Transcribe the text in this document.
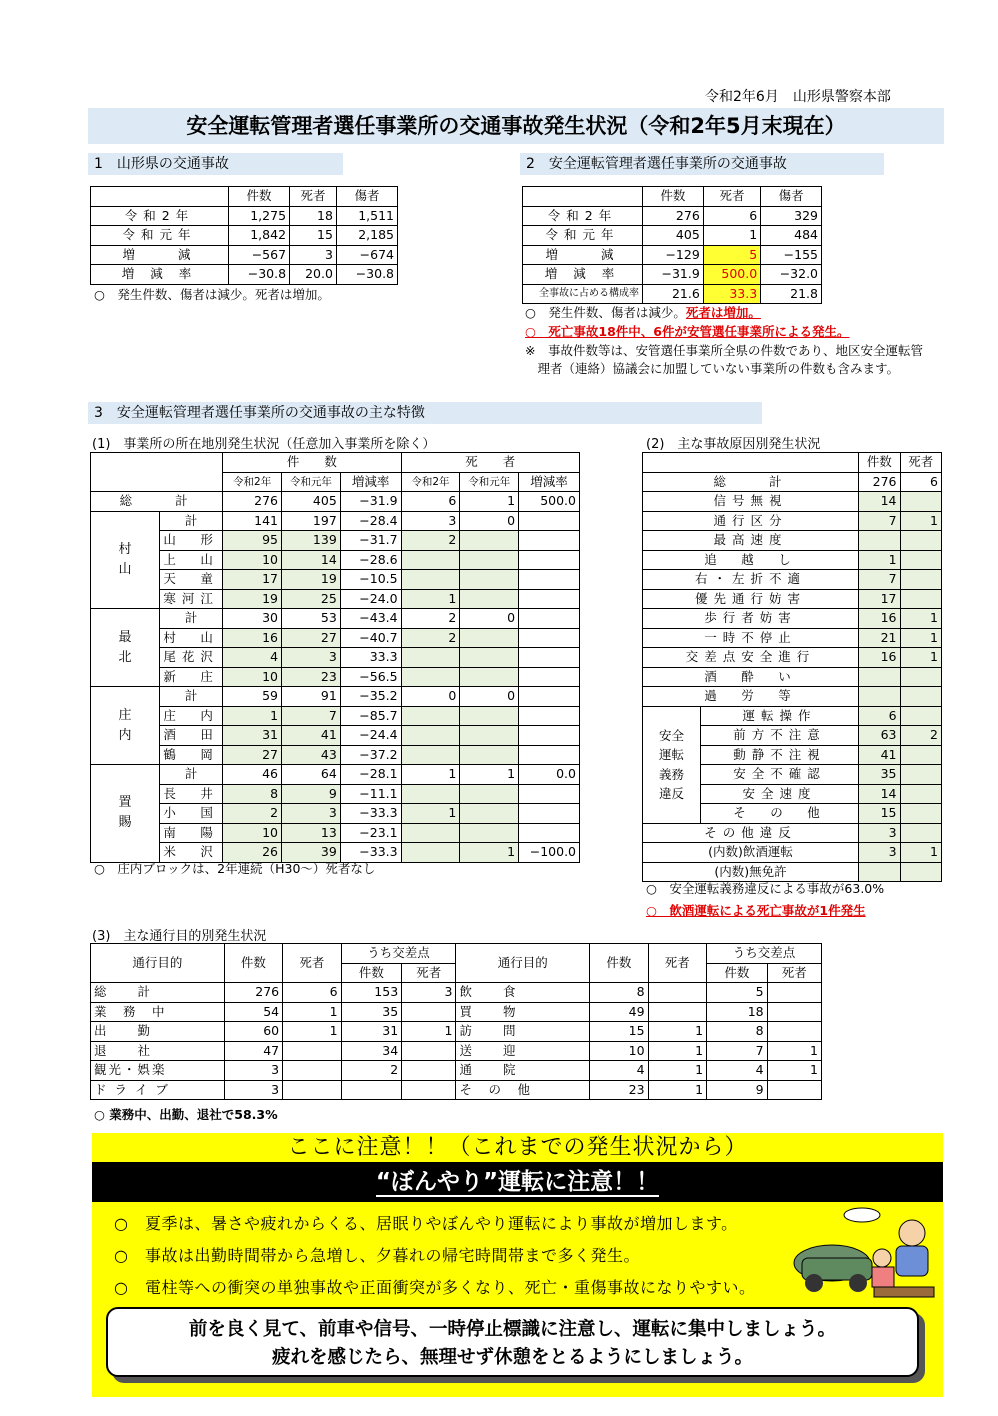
令和2年6月　山形県警察本部
安全運転管理者選任事業所の交通事故発生状況（令和2年5月末現在）
1　山形県の交通事故
	件数	死者	傷者
令和2年	1,275	18	1,511
令和元年	1,842	15	2,185
増　　減	−567	3	−674
増 減 率	−30.8	20.0	−30.8
○　発生件数、傷者は減少。死者は増加。
2　安全運転管理者選任事業所の交通事故
	件数	死者	傷者
令和2年	276	6	329
令和元年	405	1	484
増　　減	−129	5	−155
増 減 率	−31.9	500.0	−32.0
全事故に占める構成率	21.6	33.3	21.8
○　発生件数、傷者は減少。死者は増加。
○　死亡事故18件中、6件が安管選任事業所による発生。
※　事故件数等は、安管選任事業所全県の件数であり、地区安全運転管理者（連絡）協議会に加盟していない事業所の件数も含みます。
3　安全運転管理者選任事業所の交通事故の主な特徴
(1)　事業所の所在地別発生状況（任意加入事業所を除く）
		件　　数			死　　者		
		令和2年	令和元年	増減率	令和2年	令和元年	増減率
総　　計		276	405	−31.9	6	1	500.0

村
山	計	141	197	−28.4	3	0	
	山　形	95	139	−31.7	2		
	上　山	10	14	−28.6			
	天　童	17	19	−10.5			
	寒河江	19	25	−24.0	1		

最
北	計	30	53	−43.4	2	0	
	村　山	16	27	−40.7	2		
	尾花沢	4	3	33.3			
	新　庄	10	23	−56.5			

庄
内	計	59	91	−35.2	0	0	
	庄　内	1	7	−85.7			
	酒　田	31	41	−24.4			
	鶴　岡	27	43	−37.2			

置
賜	計	46	64	−28.1	1	1	0.0
	長　井	8	9	−11.1			
	小　国	2	3	−33.3	1		
	南　陽	10	13	−23.1			
	米　沢	26	39	−33.3		1	−100.0
○　庄内ブロックは、2年連続（H30〜）死者なし
(2)　主な事故原因別発生状況
		件数	死者
総　　計		276	6
信号無視		14	
通行区分		7	1
最高速度			
追　越　し		1	
右・左折不適		7	
優先通行妨害		17	
歩行者妨害		16	1
一時不停止		21	1
交差点安全進行		16	1
酒　酔　い			
過　労　等			

安全
運転
義務
違反	運転操作	6	
	前方不注意	63	2
	動静不注視	41	
	安全不確認	35	
	安全速度	14	
	そ　の　他	15	
その他違反		3	
(内数)飲酒運転		3	1
(内数)無免許			
○　安全運転義務違反による事故が63.0%
○　飲酒運転による死亡事故が1件発生
(3)　主な通行目的別発生状況
通行目的	件数	死者	うち交差点		通行目的	件数	死者	うち交差点	
			件数	死者				件数	死者
総　　計	276	6	153	3	飲　　食	8		5	
業　務　中	54	1	35		買　　物	49		18	
出　　勤	60	1	31	1	訪　　問	15	1	8	
退　　社	47		34		送　　迎	10	1	7	1
観光・娯楽	3		2		通　　院	4	1	4	1
ド ラ イ ブ	3				そ　の　他	23	1	9	
○ 業務中、出勤、退社で58.3%
ここに注意！！（これまでの発生状況から）
“ぼんやり”運転に注意！！
○　夏季は、暑さや疲れからくる、居眠りやぼんやり運転により事故が増加します。
○　事故は出勤時間帯から急増し、夕暮れの帰宅時間帯まで多く発生。
○　電柱等への衝突の単独事故や正面衝突が多くなり、死亡・重傷事故になりやすい。
前を良く見て、前車や信号、一時停止標識に注意し、運転に集中しましょう。
疲れを感じたら、無理せず休憩をとるようにしましょう。
